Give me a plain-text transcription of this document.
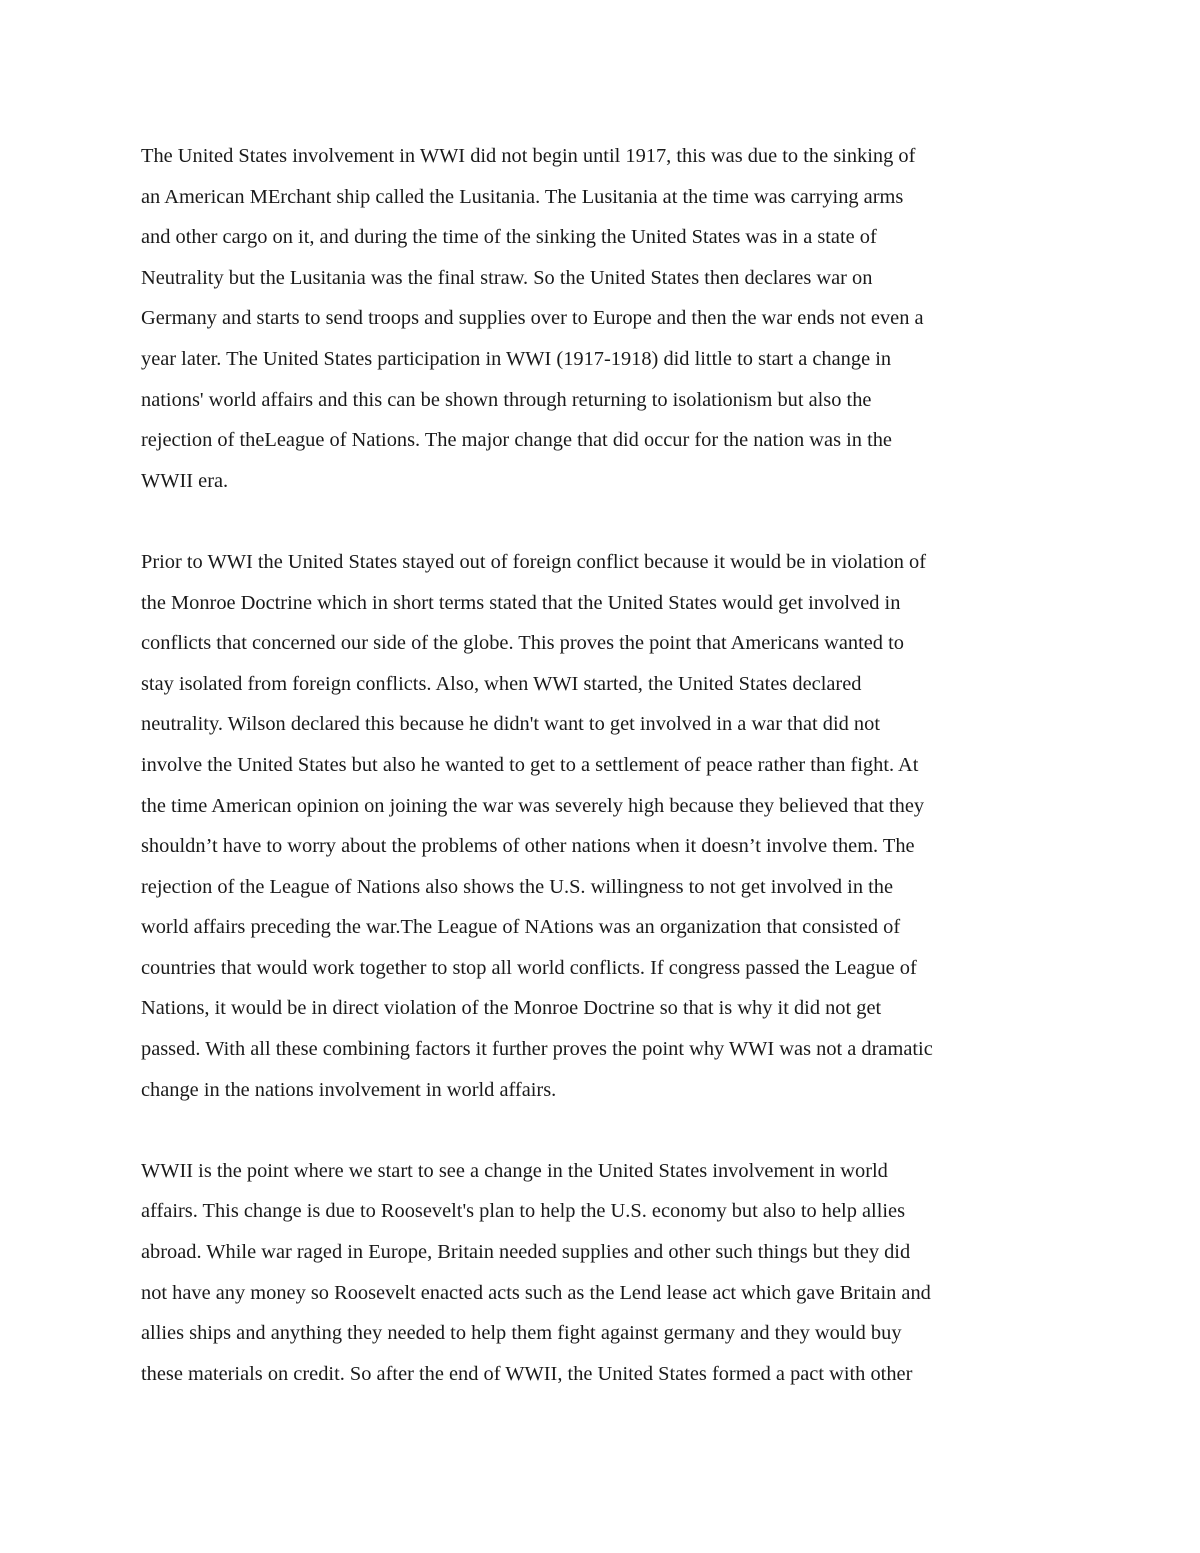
The United States involvement in WWI did not begin until 1917, this was due to the sinking of
an American MErchant ship called the Lusitania. The Lusitania at the time was carrying arms
and other cargo on it, and during the time of the sinking the United States was in a state of
Neutrality but the Lusitania was the final straw. So the United States then declares war on
Germany and starts to send troops and supplies over to Europe and then the war ends not even a
year later. The United States participation in WWI (1917-1918) did little to start a change in
nations' world affairs and this can be shown through returning to isolationism but also the
rejection of theLeague of Nations. The major change that did occur for the nation was in the
WWII era.

Prior to WWI the United States stayed out of foreign conflict because it would be in violation of
the Monroe Doctrine which in short terms stated that the United States would get involved in
conflicts that concerned our side of the globe. This proves the point that Americans wanted to
stay isolated from foreign conflicts. Also, when WWI started, the United States declared
neutrality. Wilson declared this because he didn't want to get involved in a war that did not
involve the United States but also he wanted to get to a settlement of peace rather than fight. At
the time American opinion on joining the war was severely high because they believed that they
shouldn’t have to worry about the problems of other nations when it doesn’t involve them. The
rejection of the League of Nations also shows the U.S. willingness to not get involved in the
world affairs preceding the war.The League of NAtions was an organization that consisted of
countries that would work together to stop all world conflicts. If congress passed the League of
Nations, it would be in direct violation of the Monroe Doctrine so that is why it did not get
passed. With all these combining factors it further proves the point why WWI was not a dramatic
change in the nations involvement in world affairs.

WWII is the point where we start to see a change in the United States involvement in world
affairs. This change is due to Roosevelt's plan to help the U.S. economy but also to help allies
abroad. While war raged in Europe, Britain needed supplies and other such things but they did
not have any money so Roosevelt enacted acts such as the Lend lease act which gave Britain and
allies ships and anything they needed to help them fight against germany and they would buy
these materials on credit. So after the end of WWII, the United States formed a pact with other
